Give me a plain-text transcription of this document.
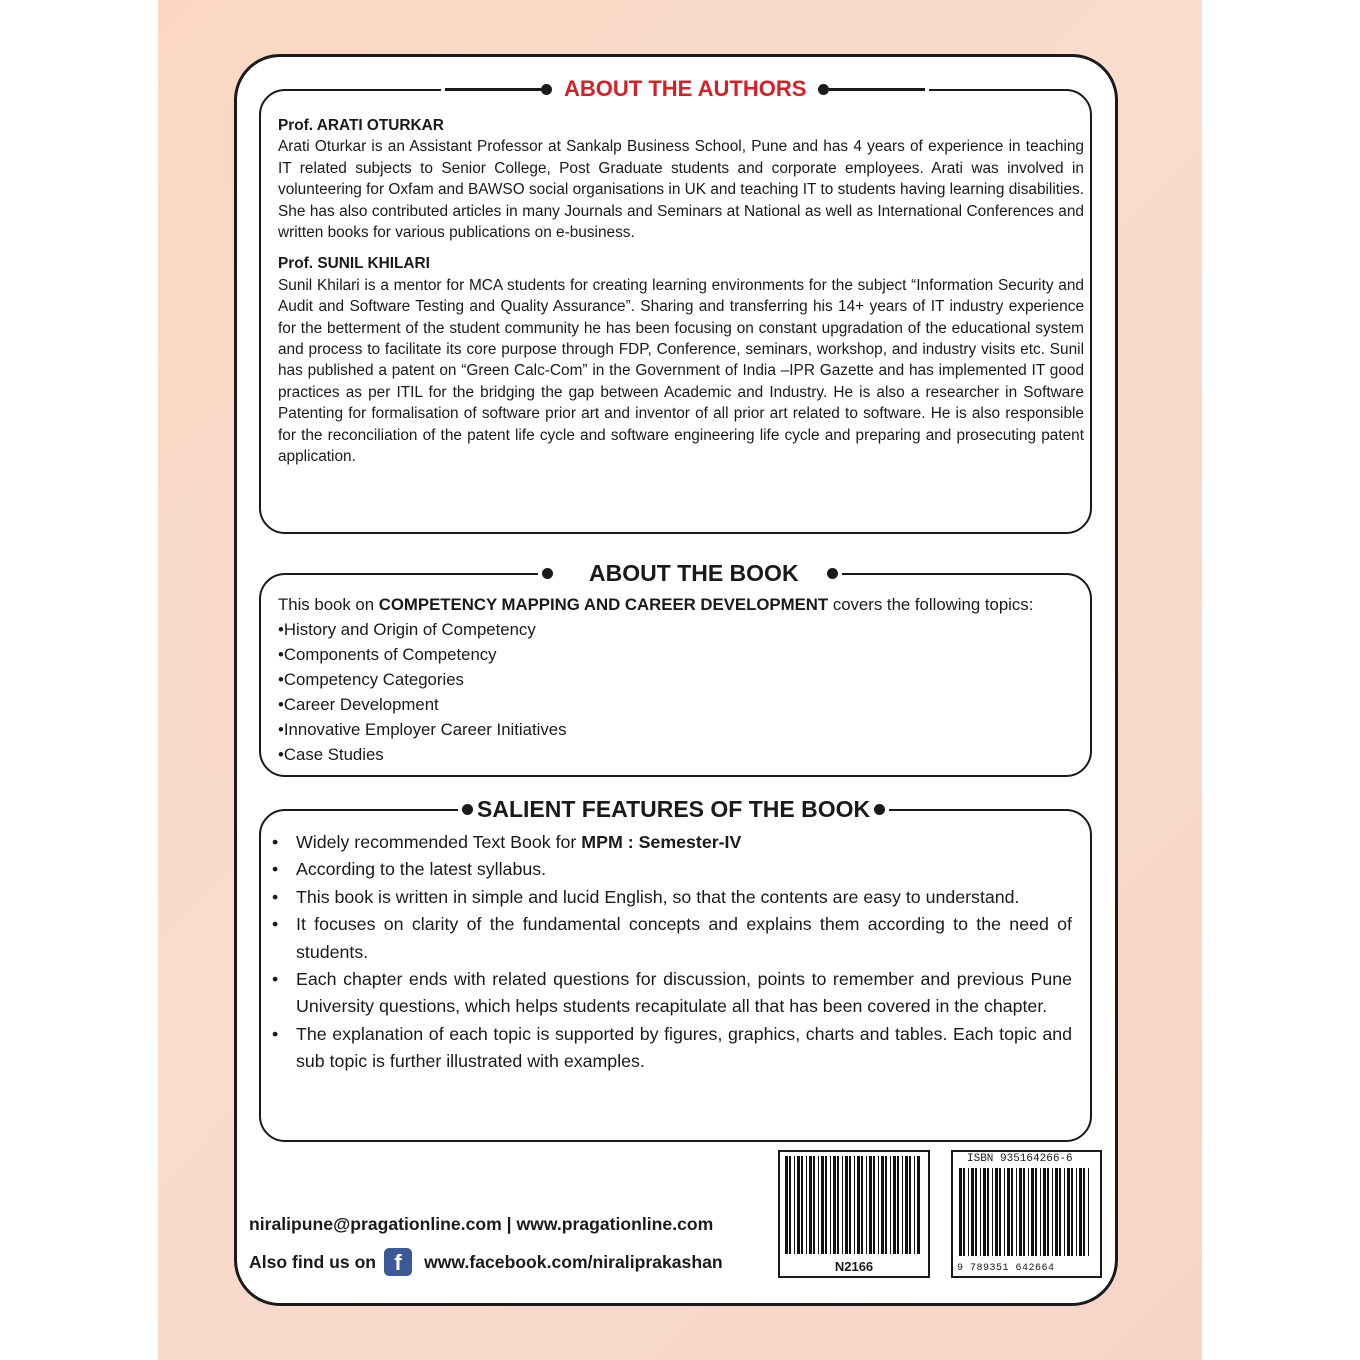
ABOUT THE AUTHORS

Prof. ARATI OTURKAR

Arati Oturkar is an Assistant Professor at Sankalp Business School, Pune and has 4 years of experience in teaching IT related subjects to Senior College, Post Graduate students and corporate employees. Arati was involved in volunteering for Oxfam and BAWSO social organisations in UK and teaching IT to students having learning disabilities. She has also contributed articles in many Journals and Seminars at National as well as International Conferences and written books for various publications on e-business.

Prof. SUNIL KHILARI

Sunil Khilari is a mentor for MCA students for creating learning environments for the subject “Information Security and Audit and Software Testing and Quality Assurance”. Sharing and transferring his 14+ years of IT industry experience for the betterment of the student community he has been focusing on constant upgradation of the educational system and process to facilitate its core purpose through FDP, Conference, seminars, workshop, and industry visits etc. Sunil has published a patent on “Green Calc-Com” in the Government of India –IPR Gazette and has implemented IT good practices as per ITIL for the bridging the gap between Academic and Industry. He is also a researcher in Software Patenting for formalisation of software prior art and inventor of all prior art related to software. He is also responsible for the reconciliation of the patent life cycle and software engineering life cycle and preparing and prosecuting patent application.

ABOUT THE BOOK
This book on COMPETENCY MAPPING AND CAREER DEVELOPMENT covers the following topics:
• History and Origin of Competency
• Components of Competency
• Competency Categories
• Career Development
• Innovative Employer Career Initiatives
• Case Studies
SALIENT FEATURES OF THE BOOK
• Widely recommended Text Book for MPM : Semester-IV
• According to the latest syllabus.
• This book is written in simple and lucid English, so that the contents are easy to understand.
• It focuses on clarity of the fundamental concepts and explains them according to the need of students.
• Each chapter ends with related questions for discussion, points to remember and previous Pune University questions, which helps students recapitulate all that has been covered in the chapter.
• The explanation of each topic is supported by figures, graphics, charts and tables. Each topic and sub topic is further illustrated with examples.
niralipune@pragationline.com | www.pragationline.com
Also find us on f	www.facebook.com/niraliprakashan	N2166
ISBN 935164266-6
9 789351 642664
